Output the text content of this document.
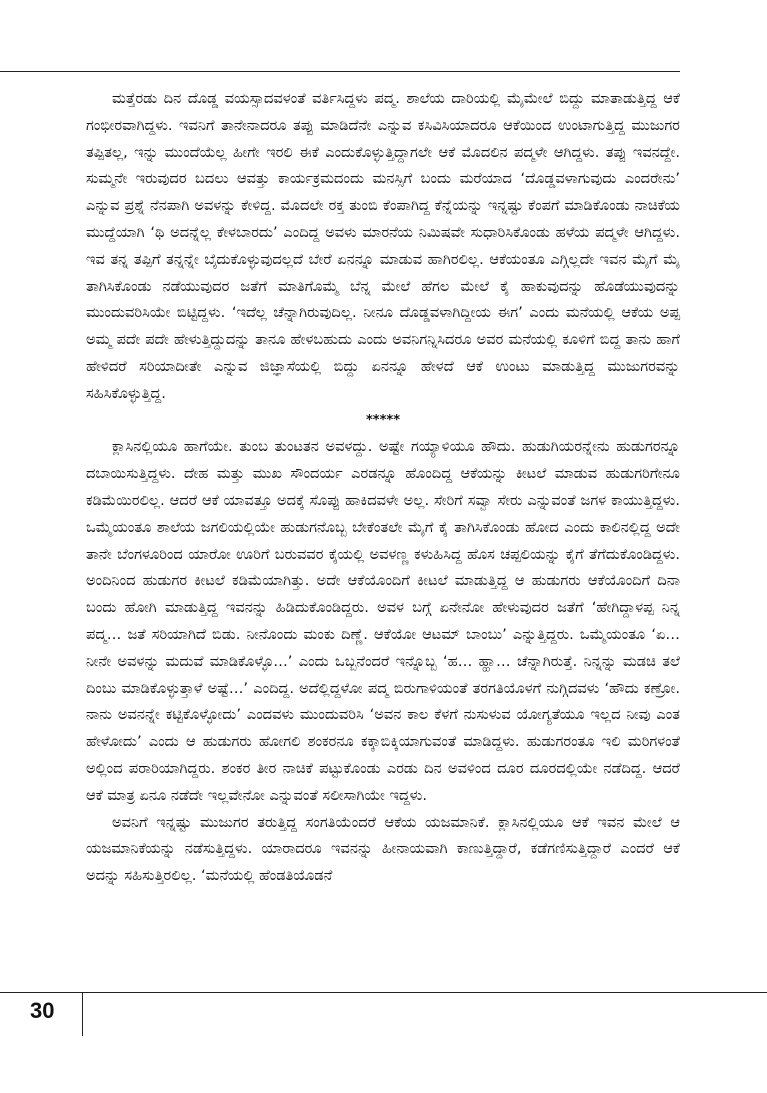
ಮತ್ತೆರಡು ದಿನ ದೊಡ್ಡ ವಯಸ್ಸಾದವಳಂತೆ ವರ್ತಿಸಿದ್ದಳು ಪದ್ಮ. ಶಾಲೆಯ ದಾರಿಯಲ್ಲಿ ಮೈಮೇಲೆ ಬಿದ್ದು ಮಾತಾಡುತ್ತಿದ್ದ ಆಕೆ ಗಂಭೀರವಾಗಿದ್ದಳು. ಇವನಿಗೆ ತಾನೇನಾದರೂ ತಪ್ಪು ಮಾಡಿದೆನೇ ಎನ್ನುವ ಕಸಿವಿಸಿಯಾದರೂ ಆಕೆಯಿಂದ ಉಂಟಾಗುತ್ತಿದ್ದ ಮುಜುಗರ ತಪ್ಪಿತಲ್ಲ, ಇನ್ನು ಮುಂದೆಯೆಲ್ಲ ಹೀಗೇ ಇರಲಿ ಈಕೆ ಎಂದುಕೊಳ್ಳುತ್ತಿದ್ದಾಗಲೇ ಆಕೆ ಮೊದಲಿನ ಪದ್ಮಳೇ ಆಗಿದ್ದಳು. ತಪ್ಪು ಇವನದ್ದೇ. ಸುಮ್ಮನೇ ಇರುವುದರ ಬದಲು ಆವತ್ತು ಕಾರ್ಯಕ್ರಮದಂದು ಮನಸ್ಸಿಗೆ ಬಂದು ಮರೆಯಾದ ‘ದೊಡ್ಡವಳಾಗುವುದು ಎಂದರೇನು’ ಎನ್ನುವ ಪ್ರಶ್ನೆ ನೆನಪಾಗಿ ಅವಳನ್ನು ಕೇಳಿದ್ದ. ಮೊದಲೇ ರಕ್ತ ತುಂಬಿ ಕೆಂಪಾಗಿದ್ದ ಕೆನ್ನೆಯನ್ನು ಇನ್ನಷ್ಟು ಕೆಂಪಗೆ ಮಾಡಿಕೊಂಡು ನಾಚಿಕೆಯ ಮುದ್ದೆಯಾಗಿ ‘ಥಿ ಅದನ್ನೆಲ್ಲ ಕೇಳಬಾರದು’ ಎಂದಿದ್ದ ಅವಳು ಮಾರನೆಯ ನಿಮಿಷವೇ ಸುಧಾರಿಸಿಕೊಂಡು ಹಳೆಯ ಪದ್ಮಳೇ ಆಗಿದ್ದಳು. ಇವ ತನ್ನ ತಪ್ಪಿಗೆ ತನ್ನನ್ನೇ ಬೈದುಕೊಳ್ಳುವುದಲ್ಲದೆ ಬೇರೆ ಏನನ್ನೂ ಮಾಡುವ ಹಾಗಿರಲಿಲ್ಲ. ಆಕೆಯಂತೂ ಎಗ್ಗಿಲ್ಲದೇ ಇವನ ಮೈಗೆ ಮೈ ತಾಗಿಸಿಕೊಂಡು ನಡೆಯುವುದರ ಜತೆಗೆ ಮಾತಿಗೊಮ್ಮೆ ಬೆನ್ನ ಮೇಲೆ ಹೆಗಲ ಮೇಲೆ ಕೈ ಹಾಕುವುದನ್ನು ಹೊಡೆಯುವುದನ್ನು ಮುಂದುವರಿಸಿಯೇ ಬಿಟ್ಟಿದ್ದಳು. ‘ಇದೆಲ್ಲ ಚೆನ್ನಾಗಿರುವುದಿಲ್ಲ. ನೀನೂ ದೊಡ್ಡವಳಾಗಿದ್ದೀಯ ಈಗ’ ಎಂದು ಮನೆಯಲ್ಲಿ ಆಕೆಯ ಅಪ್ಪ ಅಮ್ಮ ಪದೇ ಪದೇ ಹೇಳುತ್ತಿದ್ದುದನ್ನು ತಾನೂ ಹೇಳಬಹುದು ಎಂದು ಅವನಿಗನ್ನಿಸಿದರೂ ಅವರ ಮನೆಯಲ್ಲಿ ಕೂಳಿಗೆ ಬಿದ್ದ ತಾನು ಹಾಗೆ ಹೇಳಿದರೆ ಸರಿಯಾದೀತೇ ಎನ್ನುವ ಜಿಜ್ಞಾಸೆಯಲ್ಲಿ ಬಿದ್ದು ಏನನ್ನೂ ಹೇಳದೆ ಆಕೆ ಉಂಟು ಮಾಡುತ್ತಿದ್ದ ಮುಜುಗರವನ್ನು ಸಹಿಸಿಕೊಳ್ಳುತ್ತಿದ್ದ.

*****

ಕ್ಲಾಸಿನಲ್ಲಿಯೂ ಹಾಗೆಯೇ. ತುಂಬ ತುಂಟತನ ಅವಳದ್ದು. ಅಷ್ಟೇ ಗಯ್ಯಾಳಿಯೂ ಹೌದು. ಹುಡುಗಿಯರನ್ನೇನು ಹುಡುಗರನ್ನೂ ದಬಾಯಿಸುತ್ತಿದ್ದಳು. ದೇಹ ಮತ್ತು ಮುಖ ಸೌಂದರ್ಯ ಎರಡನ್ನೂ ಹೊಂದಿದ್ದ ಆಕೆಯನ್ನು ಕೀಟಲೆ ಮಾಡುವ ಹುಡುಗರಿಗೇನೂ ಕಡಿಮೆಯಿರಲಿಲ್ಲ. ಆದರೆ ಆಕೆ ಯಾವತ್ತೂ ಅದಕ್ಕೆ ಸೊಪ್ಪು ಹಾಕಿದವಳೇ ಅಲ್ಲ. ಸೇರಿಗೆ ಸವ್ವಾ ಸೇರು ಎನ್ನುವಂತೆ ಜಗಳ ಕಾಯುತ್ತಿದ್ದಳು. ಒಮ್ಮೆಯಂತೂ ಶಾಲೆಯ ಜಗಲಿಯಲ್ಲಿಯೇ ಹುಡುಗನೊಬ್ಬ ಬೇಕೆಂತಲೇ ಮೈಗೆ ಕೈ ತಾಗಿಸಿಕೊಂಡು ಹೋದ ಎಂದು ಕಾಲಿನಲ್ಲಿದ್ದ ಅದೇ ತಾನೇ ಬೆಂಗಳೂರಿಂದ ಯಾರೋ ಊರಿಗೆ ಬರುವವರ ಕೈಯಲ್ಲಿ ಅವಳಣ್ಣ ಕಳುಹಿಸಿದ್ದ ಹೊಸ ಚಪ್ಪಲಿಯನ್ನು ಕೈಗೆ ತೆಗೆದುಕೊಂಡಿದ್ದಳು. ಅಂದಿನಿಂದ ಹುಡುಗರ ಕೀಟಲೆ ಕಡಿಮೆಯಾಗಿತ್ತು. ಅದೇ ಆಕೆಯೊಂದಿಗೆ ಕೀಟಲೆ ಮಾಡುತ್ತಿದ್ದ ಆ ಹುಡುಗರು ಆಕೆಯೊಂದಿಗೆ ದಿನಾ ಬಂದು ಹೋಗಿ ಮಾಡುತ್ತಿದ್ದ ಇವನನ್ನು ಹಿಡಿದುಕೊಂಡಿದ್ದರು. ಅವಳ ಬಗ್ಗೆ ಏನೇನೋ ಹೇಳುವುದರ ಜತೆಗೆ ‘ಹೇಗಿದ್ದಾಳಪ್ಪ ನಿನ್ನ ಪದ್ಮ… ಜತೆ ಸರಿಯಾಗಿದೆ ಬಿಡು. ನೀನೊಂದು ಮಂಕು ದಿಣ್ಣೆ. ಆಕೆಯೋ ಆಟಮ್ ಬಾಂಬು’ ಎನ್ನುತ್ತಿದ್ದರು. ಒಮ್ಮೆಯಂತೂ ‘ಏ… ನೀನೇ ಅವಳನ್ನು ಮದುವೆ ಮಾಡಿಕೊಳ್ಳೊ…’ ಎಂದು ಒಬ್ಬನೆಂದರೆ ಇನ್ನೊಬ್ಬ ‘ಹ… ಹ್ಹಾ… ಚೆನ್ನಾಗಿರುತ್ತೆ. ನಿನ್ನನ್ನು ಮಡಚಿ ತಲೆ ದಿಂಬು ಮಾಡಿಕೊಳ್ಳುತ್ತಾಳೆ ಅಷ್ಟೆ…’ ಎಂದಿದ್ದ. ಅದೆಲ್ಲಿದ್ದಳೋ ಪದ್ಮ ಬಿರುಗಾಳಿಯಂತೆ ತರಗತಿಯೊಳಗೆ ನುಗ್ಗಿದವಳು ‘ಹೌದು ಕಣ್ರೋ. ನಾನು ಅವನನ್ನೇ ಕಟ್ಟಿಕೊಳ್ಳೋದು’ ಎಂದವಳು ಮುಂದುವರಿಸಿ ‘ಅವನ ಕಾಲ ಕೆಳಗೆ ನುಸುಳುವ ಯೋಗ್ಯತೆಯೂ ಇಲ್ಲದ ನೀವು ಎಂತ ಹೇಳೋದು’ ಎಂದು ಆ ಹುಡುಗರು ಹೋಗಲಿ ಶಂಕರನೂ ಕಕ್ಕಾಬಿಕ್ಕಿಯಾಗುವಂತೆ ಮಾಡಿದ್ದಳು. ಹುಡುಗರಂತೂ ಇಲಿ ಮರಿಗಳಂತೆ ಅಲ್ಲಿಂದ ಪರಾರಿಯಾಗಿದ್ದರು. ಶಂಕರ ತೀರ ನಾಚಿಕೆ ಪಟ್ಟುಕೊಂಡು ಎರಡು ದಿನ ಅವಳಿಂದ ದೂರ ದೂರದಲ್ಲಿಯೇ ನಡೆದಿದ್ದ. ಆದರೆ ಆಕೆ ಮಾತ್ರ ಏನೂ ನಡೆದೇ ಇಲ್ಲವೇನೋ ಎನ್ನುವಂತೆ ಸಲೀಸಾಗಿಯೇ ಇದ್ದಳು.

ಅವನಿಗೆ ಇನ್ನಷ್ಟು ಮುಜುಗರ ತರುತ್ತಿದ್ದ ಸಂಗತಿಯೆಂದರೆ ಆಕೆಯ ಯಜಮಾನಿಕೆ. ಕ್ಲಾಸಿನಲ್ಲಿಯೂ ಆಕೆ ಇವನ ಮೇಲೆ ಆ ಯಜಮಾನಿಕೆಯನ್ನು ನಡೆಸುತ್ತಿದ್ದಳು. ಯಾರಾದರೂ ಇವನನ್ನು ಹೀನಾಯವಾಗಿ ಕಾಣುತ್ತಿದ್ದಾರೆ, ಕಡೆಗಣಿಸುತ್ತಿದ್ದಾರೆ ಎಂದರೆ ಆಕೆ ಅದನ್ನು ಸಹಿಸುತ್ತಿರಲಿಲ್ಲ. ‘ಮನೆಯಲ್ಲಿ ಹೆಂಡತಿಯೊಡನೆ

30
